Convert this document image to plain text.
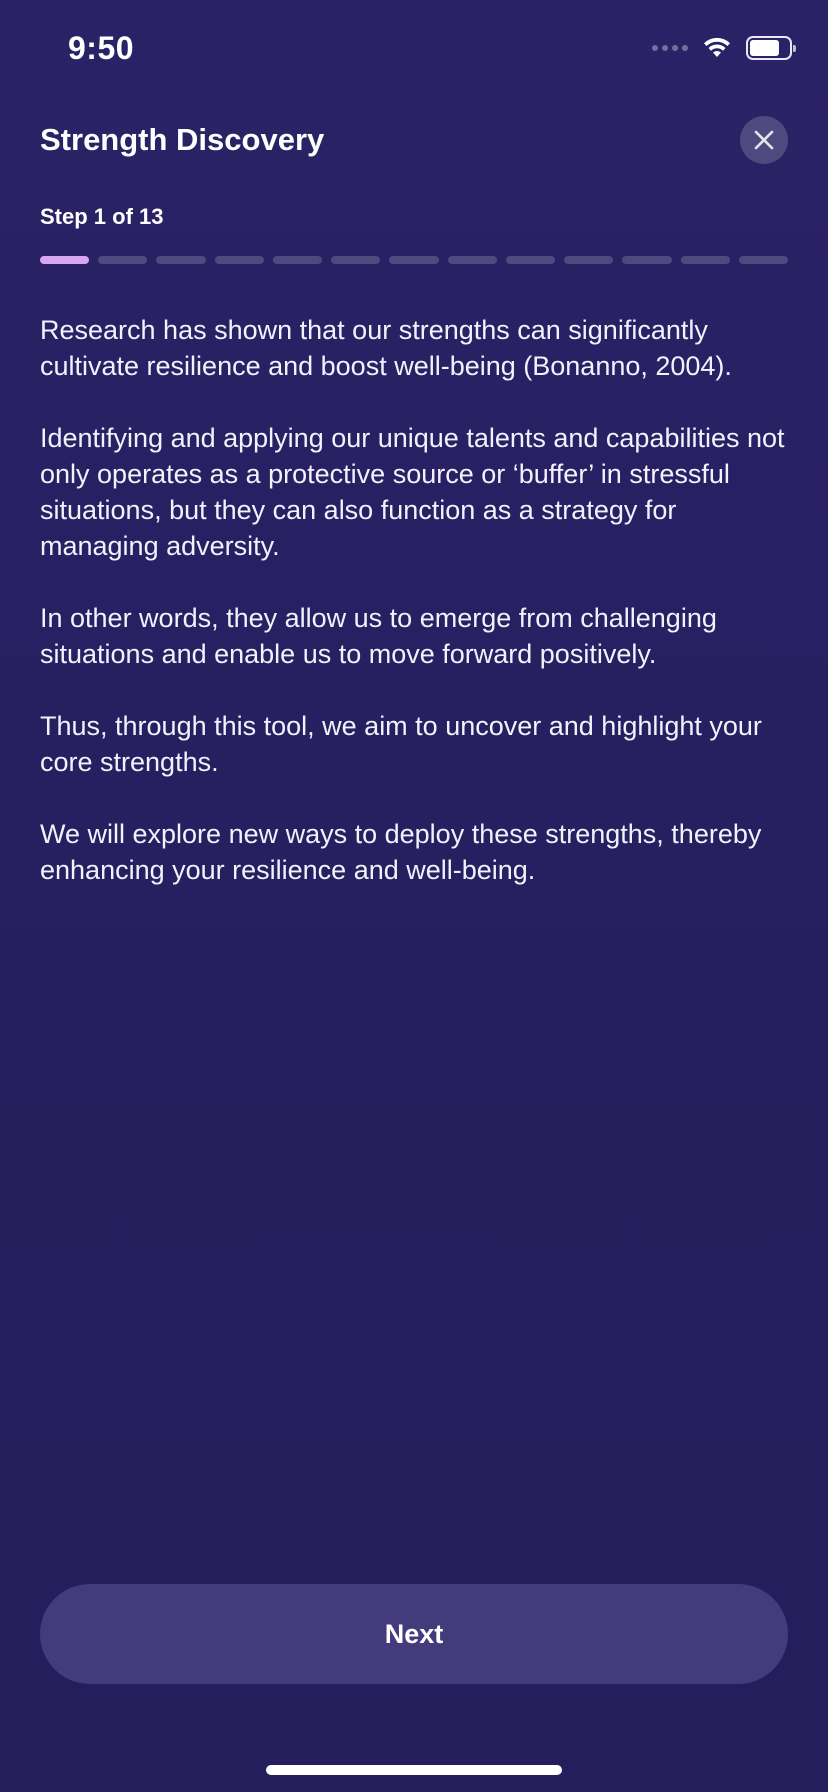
9:50
Strength Discovery
Step 1 of 13

Research has shown that our strengths can significantly cultivate resilience and boost well-being (Bonanno, 2004).

Identifying and applying our unique talents and capabilities not only operates as a protective source or ‘buffer’ in stressful situations, but they can also function as a strategy for managing adversity.

In other words, they allow us to emerge from challenging situations and enable us to move forward positively.

Thus, through this tool, we aim to uncover and highlight your core strengths.

We will explore new ways to deploy these strengths, thereby enhancing your resilience and well-being.

Next
